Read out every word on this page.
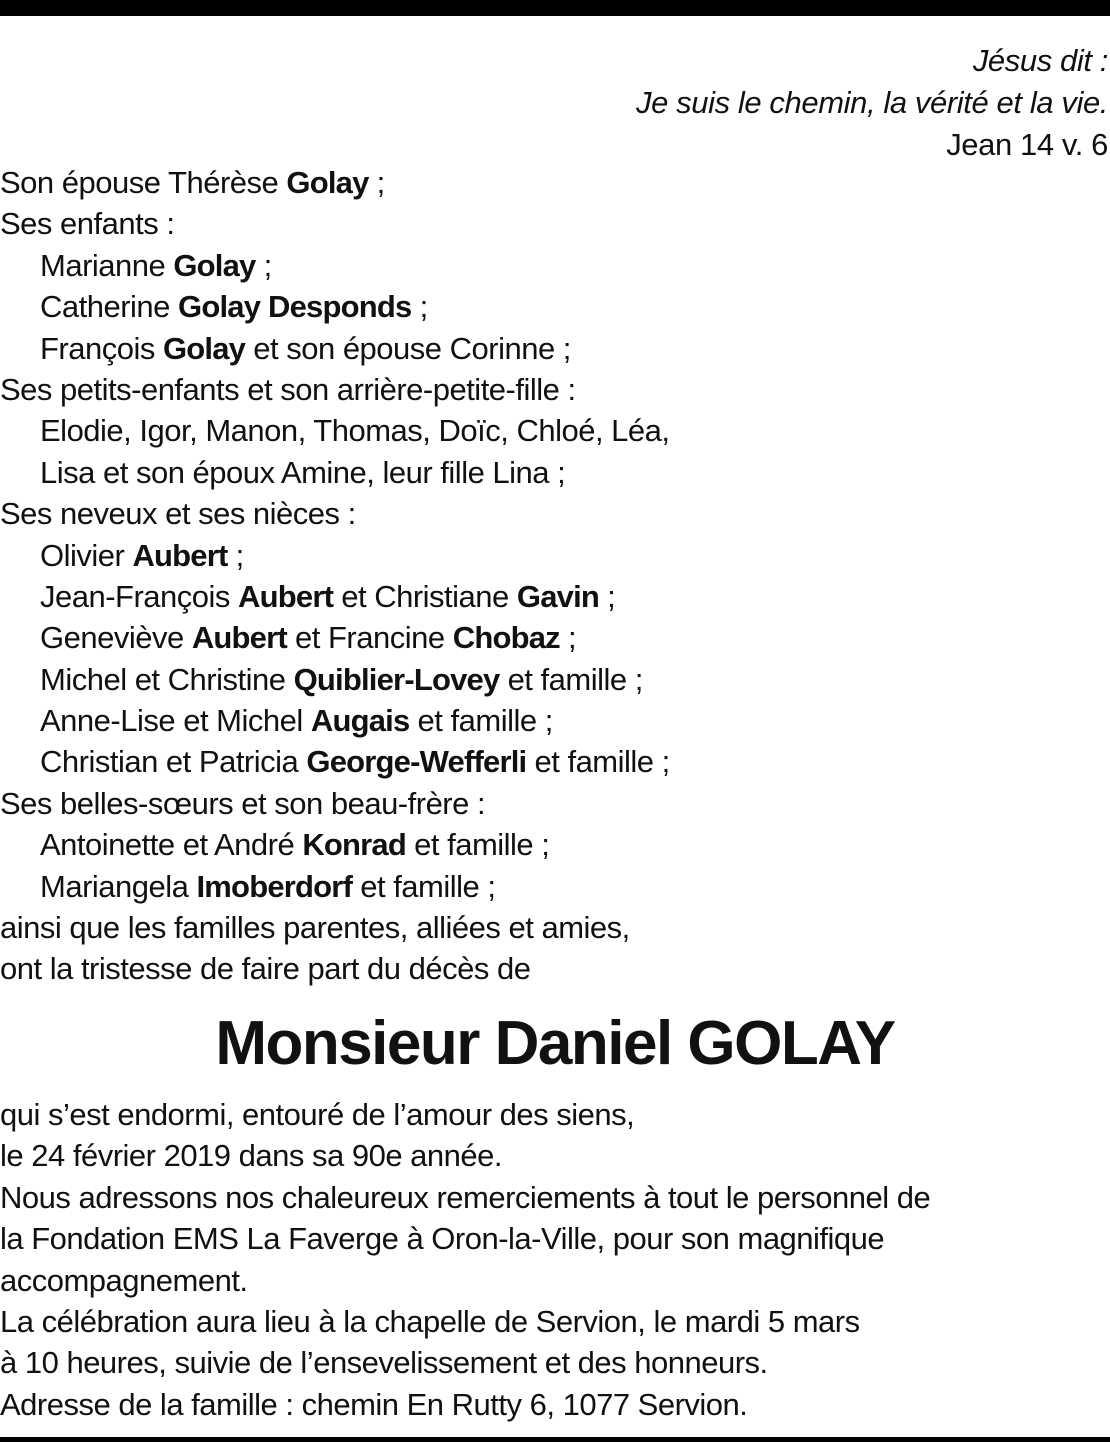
Jésus dit :
Je suis le chemin, la vérité et la vie.
Jean 14 v. 6
Son épouse Thérèse Golay ;
Ses enfants :
Marianne Golay ;
Catherine Golay Desponds ;
François Golay et son épouse Corinne ;
Ses petits-enfants et son arrière-petite-fille :
Elodie, Igor, Manon, Thomas, Doïc, Chloé, Léa,
Lisa et son époux Amine, leur fille Lina ;
Ses neveux et ses nièces :
Olivier Aubert ;
Jean-François Aubert et Christiane Gavin ;
Geneviève Aubert et Francine Chobaz ;
Michel et Christine Quiblier-Lovey et famille ;
Anne-Lise et Michel Augais et famille ;
Christian et Patricia George-Wefferli et famille ;
Ses belles-sœurs et son beau-frère :
Antoinette et André Konrad et famille ;
Mariangela Imoberdorf et famille ;
ainsi que les familles parentes, alliées et amies,
ont la tristesse de faire part du décès de
Monsieur Daniel GOLAY
qui s’est endormi, entouré de l’amour des siens,
le 24 février 2019 dans sa 90e année.
Nous adressons nos chaleureux remerciements à tout le personnel de
la Fondation EMS La Faverge à Oron-la-Ville, pour son magnifique
accompagnement.
La célébration aura lieu à la chapelle de Servion, le mardi 5 mars
à 10 heures, suivie de l’ensevelissement et des honneurs.
Adresse de la famille : chemin En Rutty 6, 1077 Servion.
